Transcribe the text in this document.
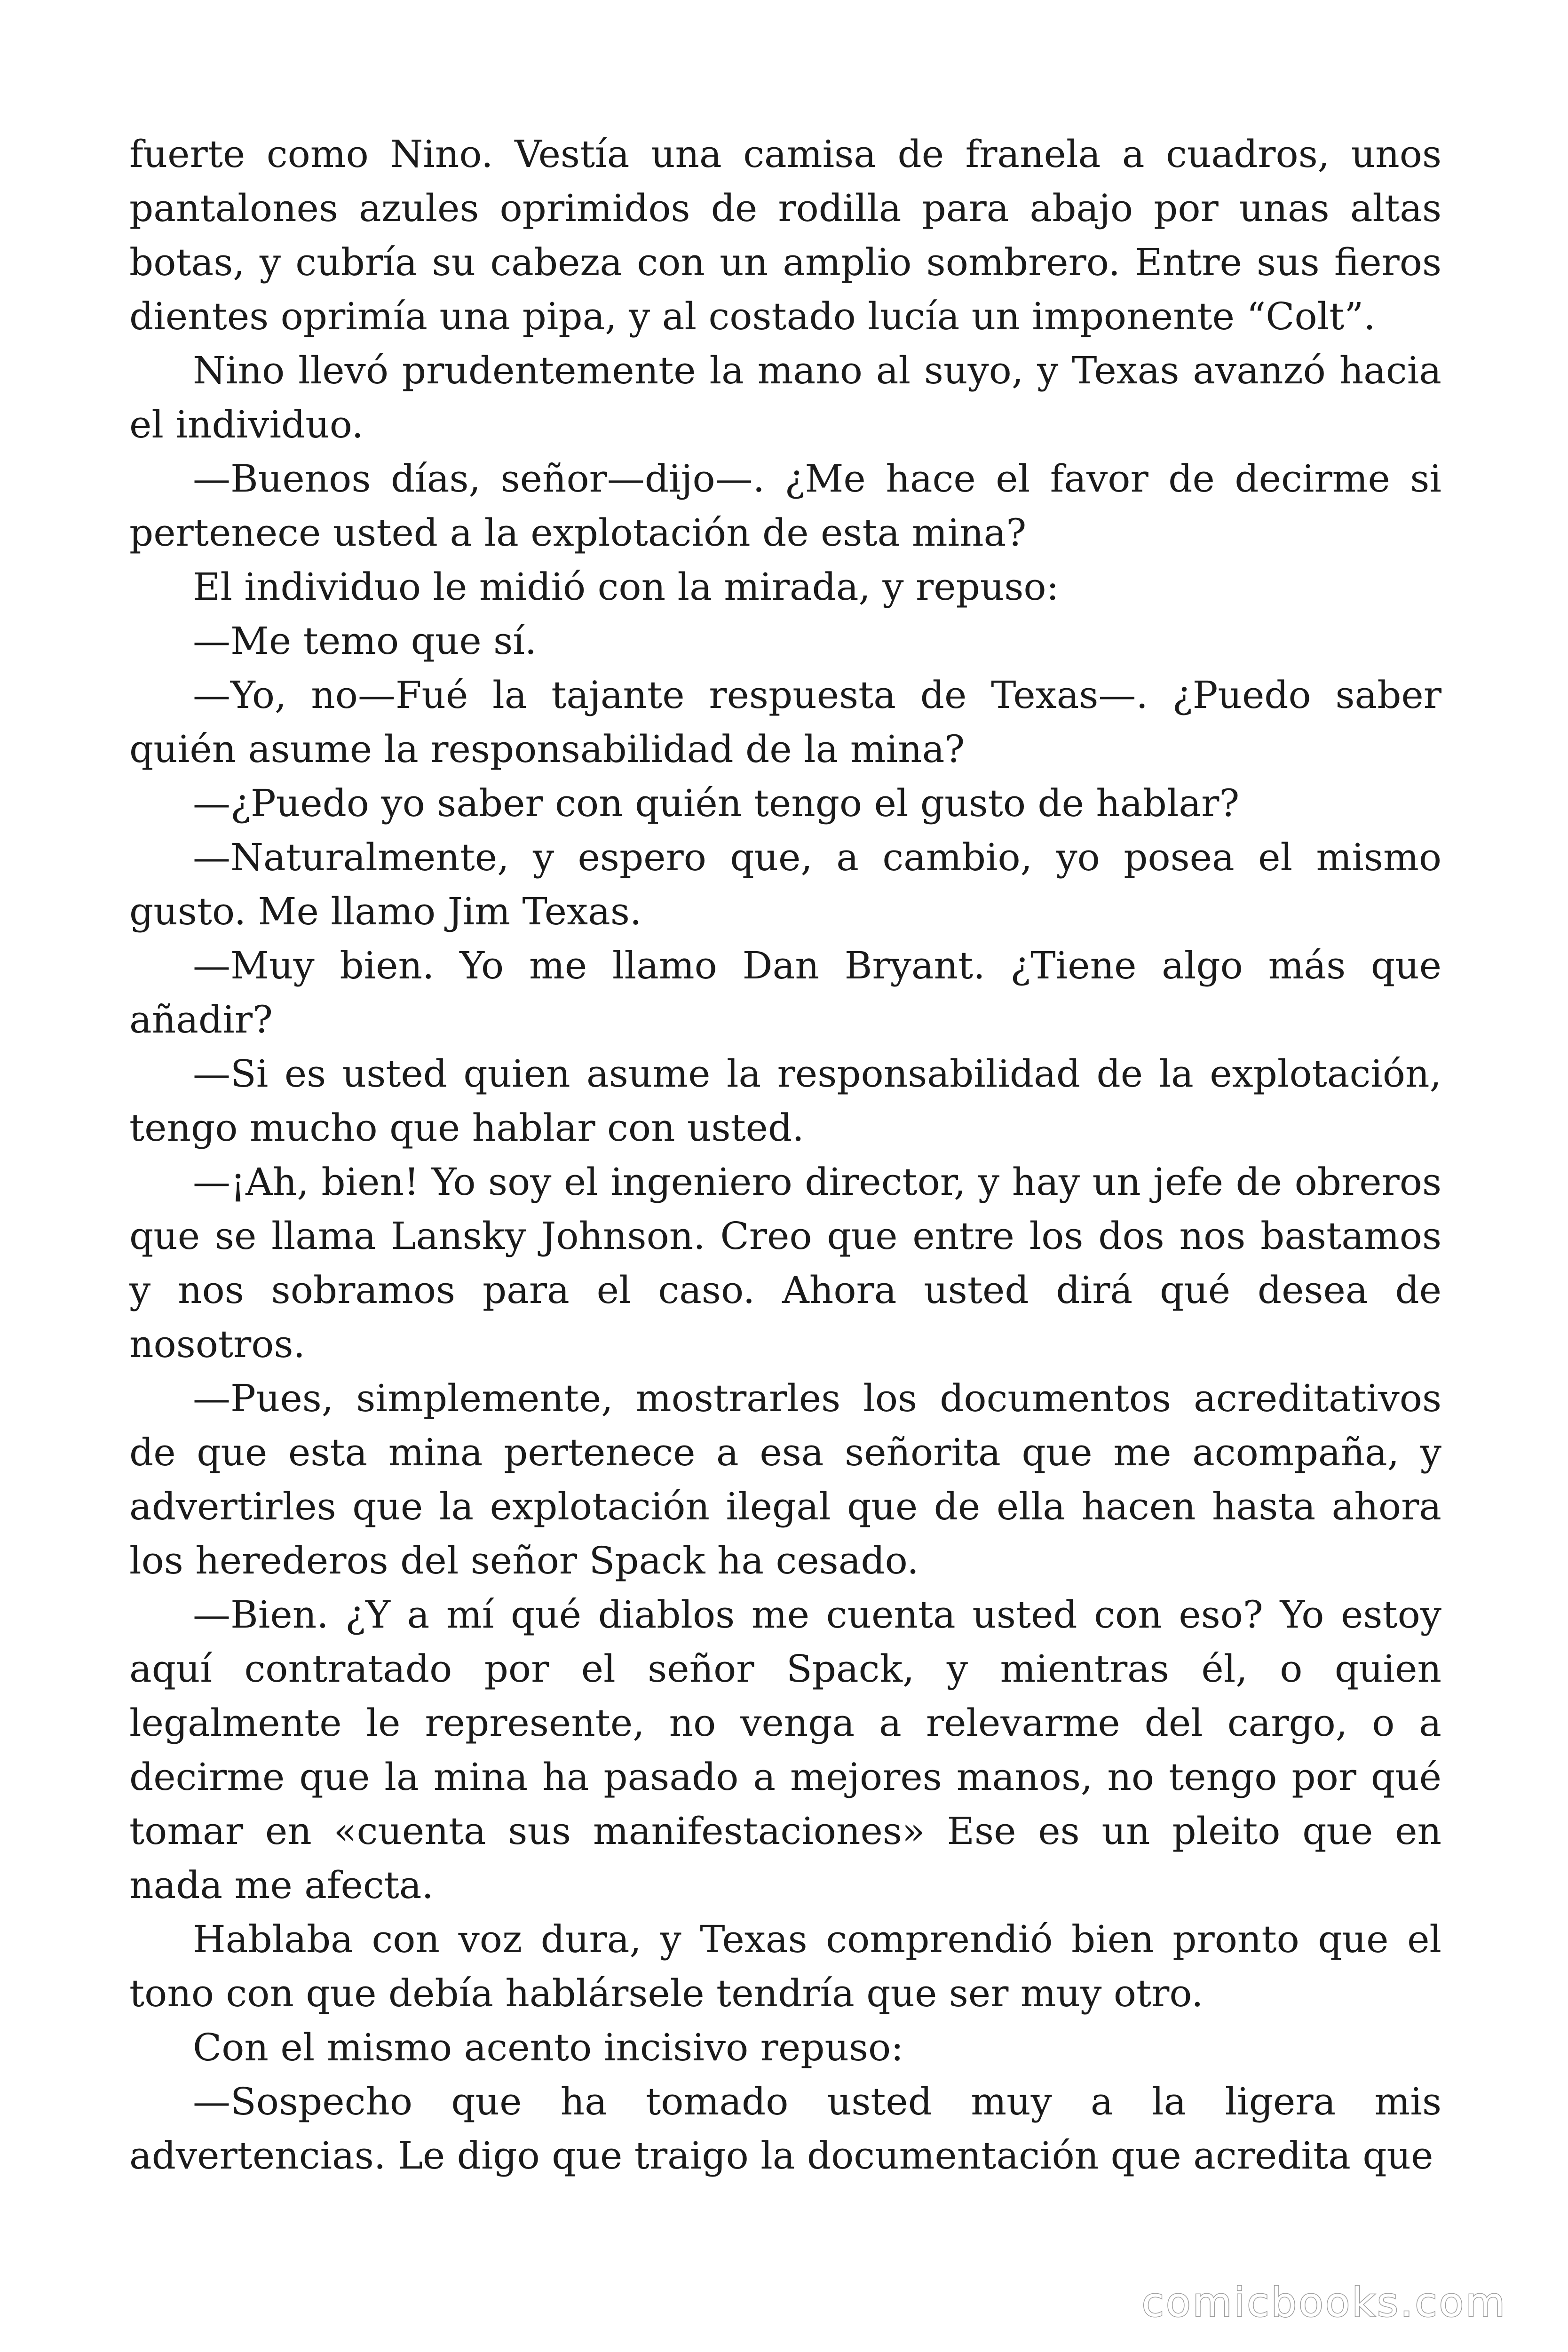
fuerte como Nino. Vestía una camisa de franela a cuadros, unos pantalones azules oprimidos de rodilla para abajo por unas altas botas, y cubría su cabeza con un amplio sombrero. Entre sus fieros dientes oprimía una pipa, y al costado lucía un imponente “Colt”.

Nino llevó prudentemente la mano al suyo, y Texas avanzó hacia el individuo.

—Buenos días, señor—dijo—. ¿Me hace el favor de decirme si pertenece usted a la explotación de esta mina?

El individuo le midió con la mirada, y repuso:

—Me temo que sí.

—Yo, no—Fué la tajante respuesta de Texas—. ¿Puedo saber quién asume la responsabilidad de la mina?

—¿Puedo yo saber con quién tengo el gusto de hablar?

—Naturalmente, y espero que, a cambio, yo posea el mismo gusto. Me llamo Jim Texas.

—Muy bien. Yo me llamo Dan Bryant. ¿Tiene algo más que añadir?

—Si es usted quien asume la responsabilidad de la explotación, tengo mucho que hablar con usted.

—¡Ah, bien! Yo soy el ingeniero director, y hay un jefe de obreros que se llama Lansky Johnson. Creo que entre los dos nos bastamos y nos sobramos para el caso. Ahora usted dirá qué desea de nosotros.

—Pues, simplemente, mostrarles los documentos acreditativos de que esta mina pertenece a esa señorita que me acompaña, y advertirles que la explotación ilegal que de ella hacen hasta ahora los herederos del señor Spack ha cesado.

—Bien. ¿Y a mí qué diablos me cuenta usted con eso? Yo estoy aquí contratado por el señor Spack, y mientras él, o quien legalmente le represente, no venga a relevarme del cargo, o a decirme que la mina ha pasado a mejores manos, no tengo por qué tomar en «cuenta sus manifestaciones» Ese es un pleito que en nada me afecta.

Hablaba con voz dura, y Texas comprendió bien pronto que el tono con que debía hablársele tendría que ser muy otro.

Con el mismo acento incisivo repuso:

—Sospecho que ha tomado usted muy a la ligera mis advertencias. Le digo que traigo la documentación que acredita que

comicbooks.com
